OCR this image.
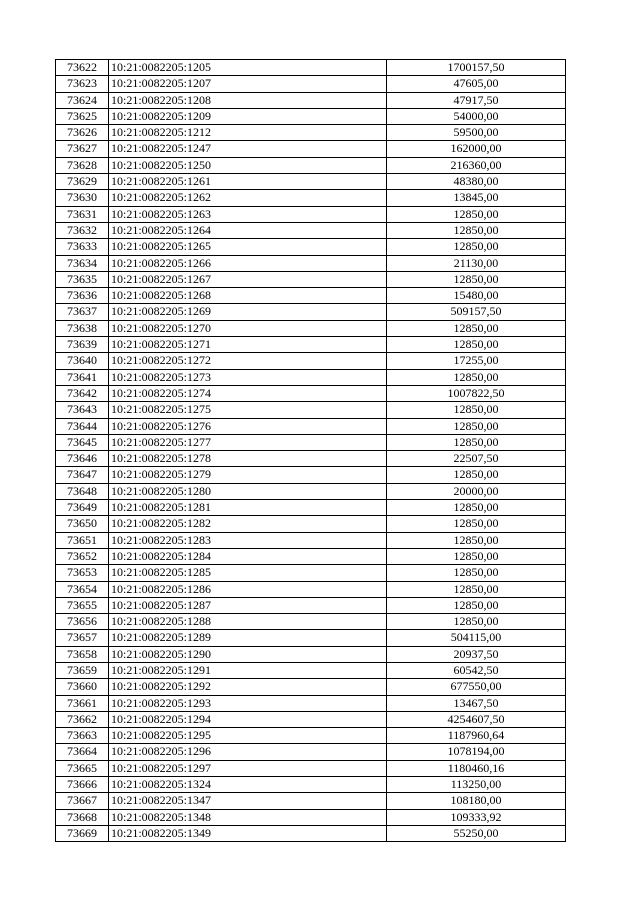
73622	10:21:0082205:1205	1700157,50
73623	10:21:0082205:1207	47605,00
73624	10:21:0082205:1208	47917,50
73625	10:21:0082205:1209	54000,00
73626	10:21:0082205:1212	59500,00
73627	10:21:0082205:1247	162000,00
73628	10:21:0082205:1250	216360,00
73629	10:21:0082205:1261	48380,00
73630	10:21:0082205:1262	13845,00
73631	10:21:0082205:1263	12850,00
73632	10:21:0082205:1264	12850,00
73633	10:21:0082205:1265	12850,00
73634	10:21:0082205:1266	21130,00
73635	10:21:0082205:1267	12850,00
73636	10:21:0082205:1268	15480,00
73637	10:21:0082205:1269	509157,50
73638	10:21:0082205:1270	12850,00
73639	10:21:0082205:1271	12850,00
73640	10:21:0082205:1272	17255,00
73641	10:21:0082205:1273	12850,00
73642	10:21:0082205:1274	1007822,50
73643	10:21:0082205:1275	12850,00
73644	10:21:0082205:1276	12850,00
73645	10:21:0082205:1277	12850,00
73646	10:21:0082205:1278	22507,50
73647	10:21:0082205:1279	12850,00
73648	10:21:0082205:1280	20000,00
73649	10:21:0082205:1281	12850,00
73650	10:21:0082205:1282	12850,00
73651	10:21:0082205:1283	12850,00
73652	10:21:0082205:1284	12850,00
73653	10:21:0082205:1285	12850,00
73654	10:21:0082205:1286	12850,00
73655	10:21:0082205:1287	12850,00
73656	10:21:0082205:1288	12850,00
73657	10:21:0082205:1289	504115,00
73658	10:21:0082205:1290	20937,50
73659	10:21:0082205:1291	60542,50
73660	10:21:0082205:1292	677550,00
73661	10:21:0082205:1293	13467,50
73662	10:21:0082205:1294	4254607,50
73663	10:21:0082205:1295	1187960,64
73664	10:21:0082205:1296	1078194,00
73665	10:21:0082205:1297	1180460,16
73666	10:21:0082205:1324	113250,00
73667	10:21:0082205:1347	108180,00
73668	10:21:0082205:1348	109333,92
73669	10:21:0082205:1349	55250,00
